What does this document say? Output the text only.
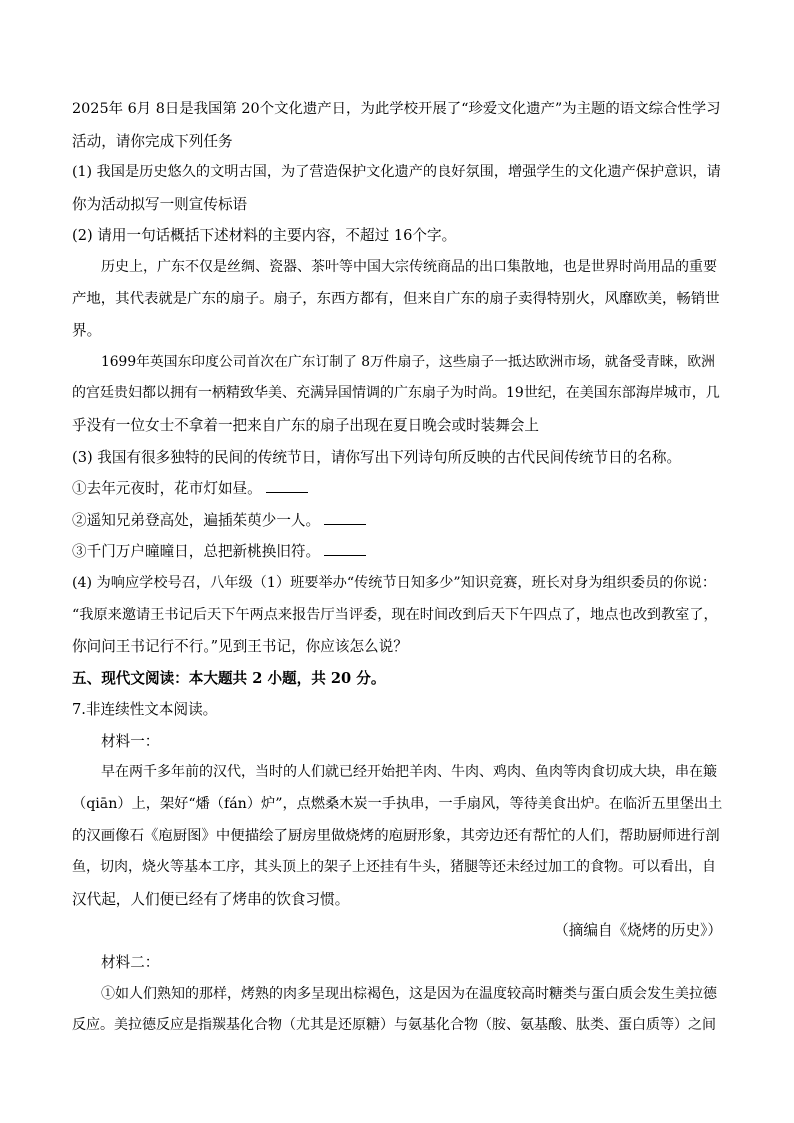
2025年 6月 8日是我国第 20个文化遗产日，为此学校开展了“珍爱文化遗产”为主题的语文综合性学习
活动，请你完成下列任务
(1) 我国是历史悠久的文明古国，为了营造保护文化遗产的良好氛围，增强学生的文化遗产保护意识，请
你为活动拟写一则宣传标语
(2) 请用一句话概括下述材料的主要内容，不超过 16个字。
历史上，广东不仅是丝绸、瓷器、茶叶等中国大宗传统商品的出口集散地，也是世界时尚用品的重要
产地，其代表就是广东的扇子。扇子，东西方都有，但来自广东的扇子卖得特别火，风靡欧美，畅销世
界。
1699年英国东印度公司首次在广东订制了 8万件扇子，这些扇子一抵达欧洲市场，就备受青睐，欧洲
的宫廷贵妇都以拥有一柄精致华美、充满异国情调的广东扇子为时尚。19世纪，在美国东部海岸城市，几
乎没有一位女士不拿着一把来自广东的扇子出现在夏日晚会或时装舞会上
(3) 我国有很多独特的民间的传统节日，请你写出下列诗句所反映的古代民间传统节日的名称。
①去年元夜时，花市灯如昼。
②遥知兄弟登高处，遍插茱萸少一人。
③千门万户曈曈日，总把新桃换旧符。
(4) 为响应学校号召，八年级（1）班要举办“传统节日知多少”知识竞赛，班长对身为组织委员的你说：
“我原来邀请王书记后天下午两点来报告厅当评委，现在时间改到后天下午四点了，地点也改到教室了，
你问问王书记行不行。”见到王书记，你应该怎么说？
五、现代文阅读：本大题共 2 小题，共 20 分。
7.非连续性文本阅读。
材料一：
早在两千多年前的汉代，当时的人们就已经开始把羊肉、牛肉、鸡肉、鱼肉等肉食切成大块，串在簸
（qiān）上，架好“燔（fán）炉”，点燃桑木炭一手执串，一手扇风，等待美食出炉。在临沂五里堡出土
的汉画像石《庖厨图》中便描绘了厨房里做烧烤的庖厨形象，其旁边还有帮忙的人们，帮助厨师进行剖
鱼，切肉，烧火等基本工序，其头顶上的架子上还挂有牛头，猪腿等还未经过加工的食物。可以看出，自
汉代起，人们便已经有了烤串的饮食习惯。
（摘编自《烧烤的历史》）
材料二：
①如人们熟知的那样，烤熟的肉多呈现出棕褐色，这是因为在温度较高时糖类与蛋白质会发生美拉德
反应。美拉德反应是指羰基化合物（尤其是还原糖）与氨基化合物（胺、氨基酸、肽类、蛋白质等）之间
